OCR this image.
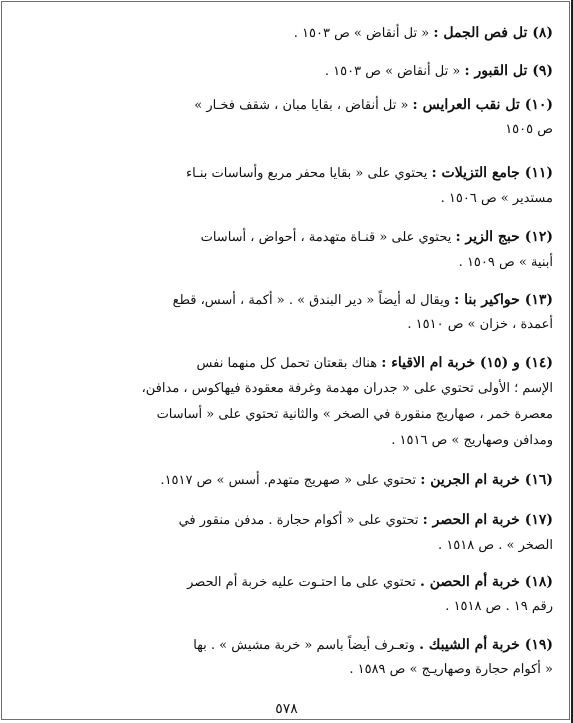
(٨) تل فص الجمل : « تل أنقاض » ص ١٥٠٣ .
(٩) تل القبور : « تل أنقاض » ص ١٥٠٣ .
(١٠) تل نقب العرايس : « تل أنقاض ، بقايا مبان ، شقف فخـار »
ص ١٥٠٥
(١١) جامع التزيلات : يحتوي على « بقايا محفر مربع وأساسات بنـاء
مستدير » ص ١٥٠٦ .
(١٢) حبج الزير : يحتوي على « قنـاة متهدمة ، أحواض ، أساسات
أبنية » ص ١٥٠٩ .
(١٣) حواكير بنا : ويقال له أيضاً « دير البندق » . « أكمة ، أسس، قطع
أعمدة ، خزان » ص ١٥١٠ .
(١٤) و (١٥) خربة ام الاقياء : هناك بقعتان تحمل كل منهما نفس
الإسم ؛ الأولى تحتوي على « جدران مهدمة وغرفة معقودة فيهاكوس ، مدافن،
معصرة خمر ، صهاريج منقورة في الصخر » والثانية تحتوي على « أساسات
ومدافن وصهاريج » ص ١٥١٦ .
(١٦) خربة ام الجرين : تحتوي على « صهريج متهدم. أسس » ص ١٥١٧.
(١٧) خربة ام الحصر : تحتوي على « أكوام حجارة . مدفن منقور في
الصخر » . ص ١٥١٨ .
(١٨) خربة أم الحصن . تحتوي على ما احتـوت عليه خربة أم الحصر
رقم ١٩ . ص ١٥١٨ .
(١٩) خربة أم الشيبك . وتعـرف أيضاً باسم « خربة مشيش » . بها
« أكوام حجارة وصهاريـج » ص ١٥٨٩ .
٥٧٨
